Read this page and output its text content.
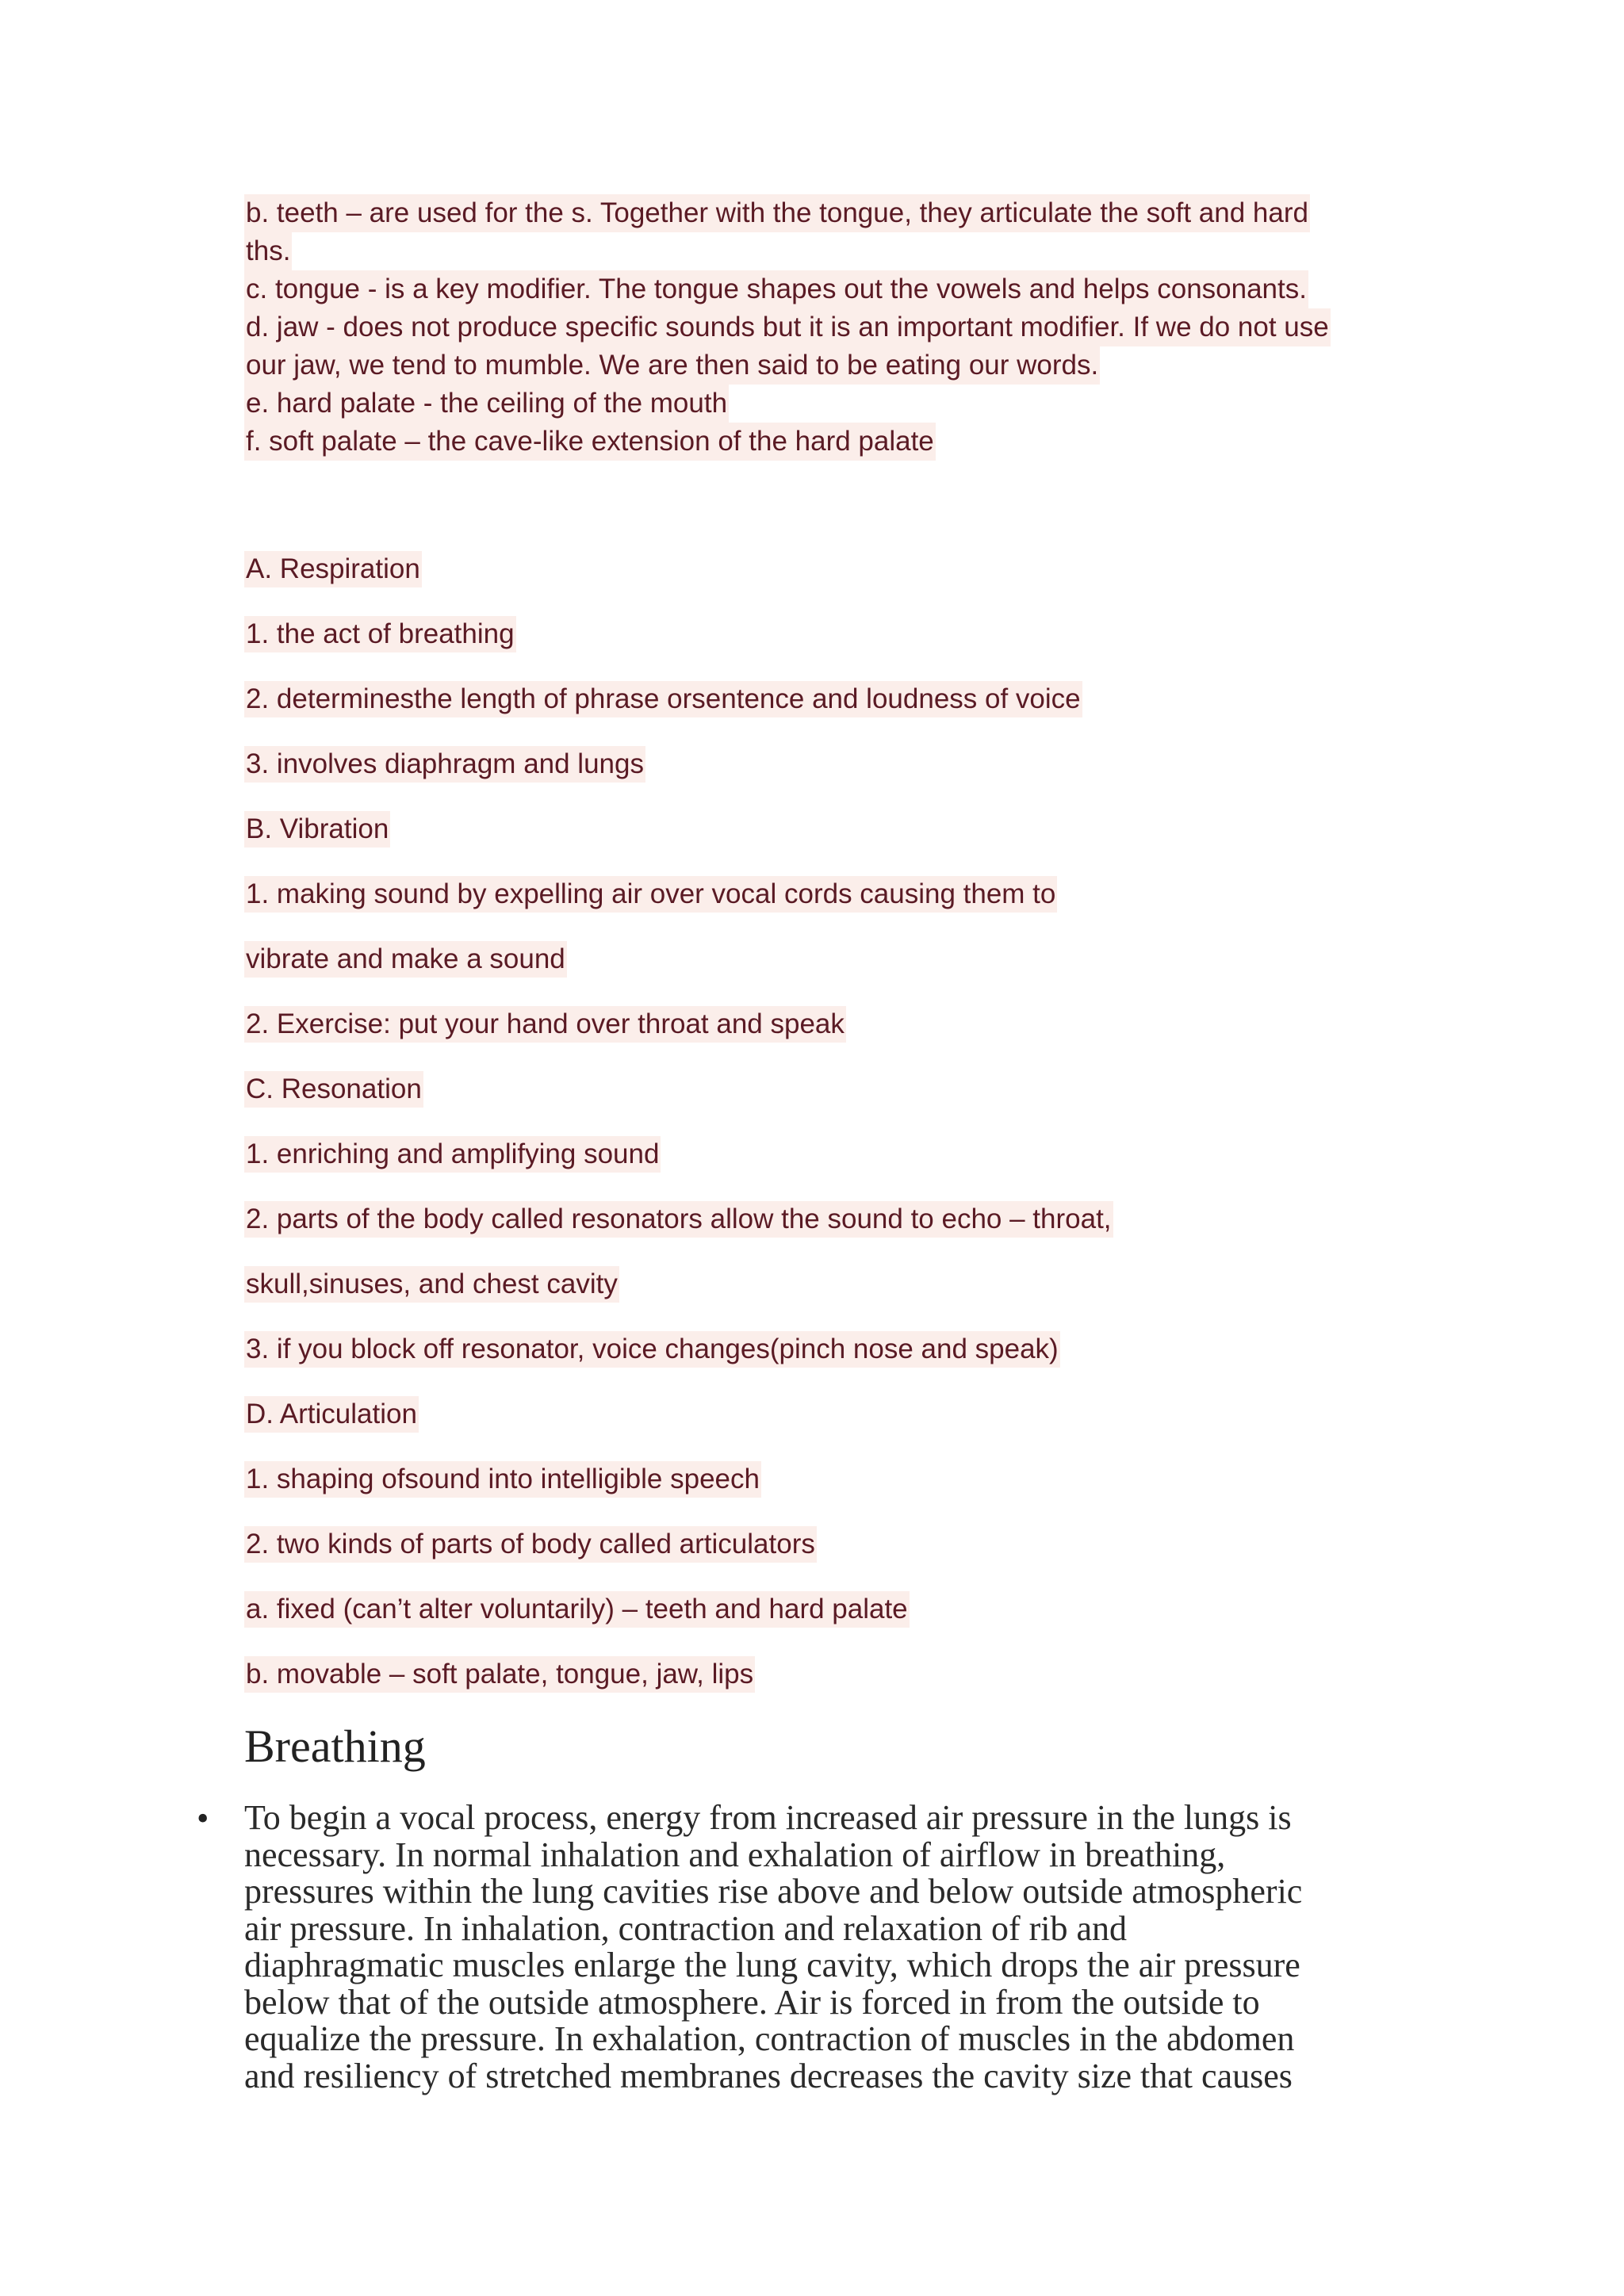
b. teeth – are used for the s. Together with the tongue, they articulate the soft and hard
ths.
c. tongue - is a key modifier. The tongue shapes out the vowels and helps consonants.
d. jaw - does not produce specific sounds but it is an important modifier. If we do not use
our jaw, we tend to mumble. We are then said to be eating our words.
e. hard palate - the ceiling of the mouth
f. soft palate – the cave-like extension of the hard palate
A. Respiration
1. the act of breathing
2. determinesthe length of phrase orsentence and loudness of voice
3. involves diaphragm and lungs
B. Vibration
1. making sound by expelling air over vocal cords causing them to
vibrate and make a sound
2. Exercise: put your hand over throat and speak
C. Resonation
1. enriching and amplifying sound
2. parts of the body called resonators allow the sound to echo – throat,
skull,sinuses, and chest cavity
3. if you block off resonator, voice changes(pinch nose and speak)
D. Articulation
1. shaping ofsound into intelligible speech
2. two kinds of parts of body called articulators
a. fixed (can’t alter voluntarily) – teeth and hard palate
b. movable – soft palate, tongue, jaw, lips
Breathing
• To begin a vocal process, energy from increased air pressure in the lungs is
necessary. In normal inhalation and exhalation of airflow in breathing,
pressures within the lung cavities rise above and below outside atmospheric
air pressure. In inhalation, contraction and relaxation of rib and
diaphragmatic muscles enlarge the lung cavity, which drops the air pressure
below that of the outside atmosphere. Air is forced in from the outside to
equalize the pressure. In exhalation, contraction of muscles in the abdomen
and resiliency of stretched membranes decreases the cavity size that causes
